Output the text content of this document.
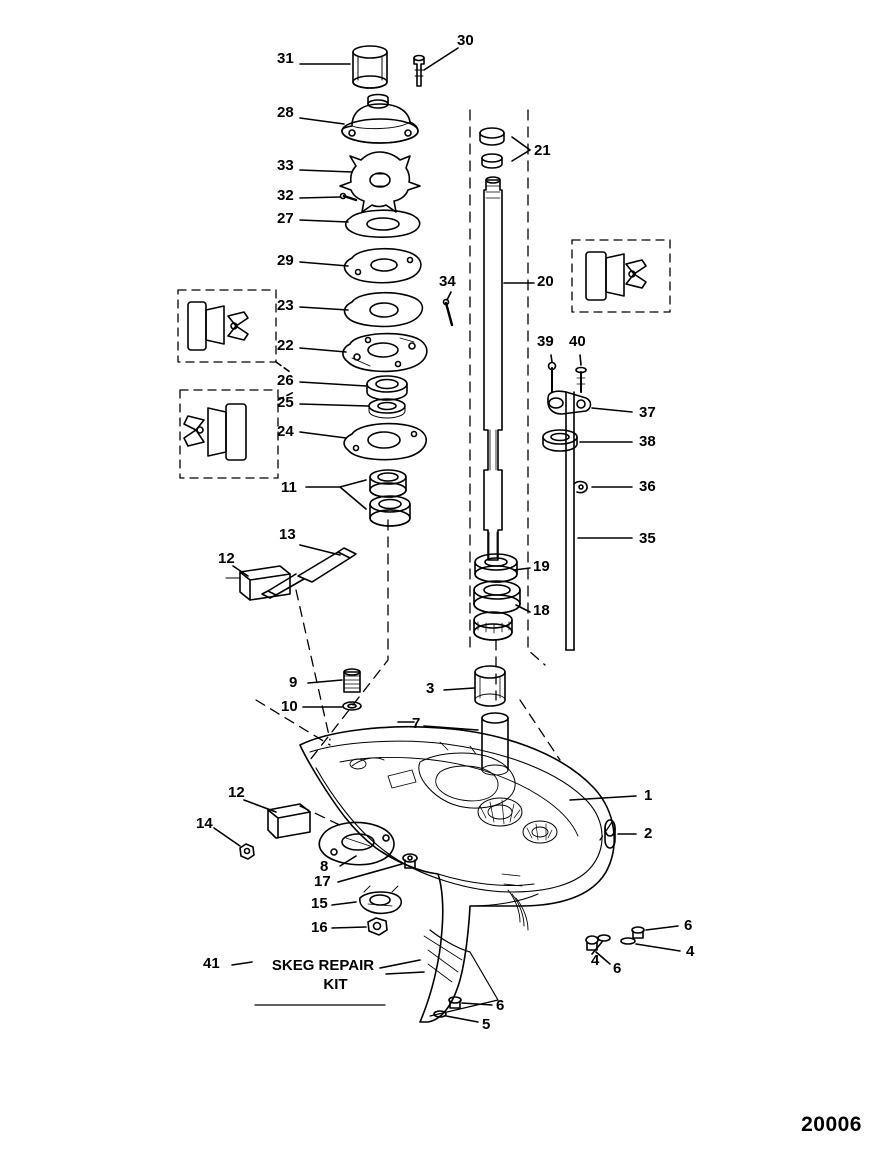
31
30
28
33
32
27
29
23
22
26
25
24
11
13
12
34
21
20
39 40
37
38
36
35
19
18
9
10
3
7
1
2
12
14
8
17
15
16	6
4
6
4
6
5
41	SKEG REPAIR
KIT
20006
